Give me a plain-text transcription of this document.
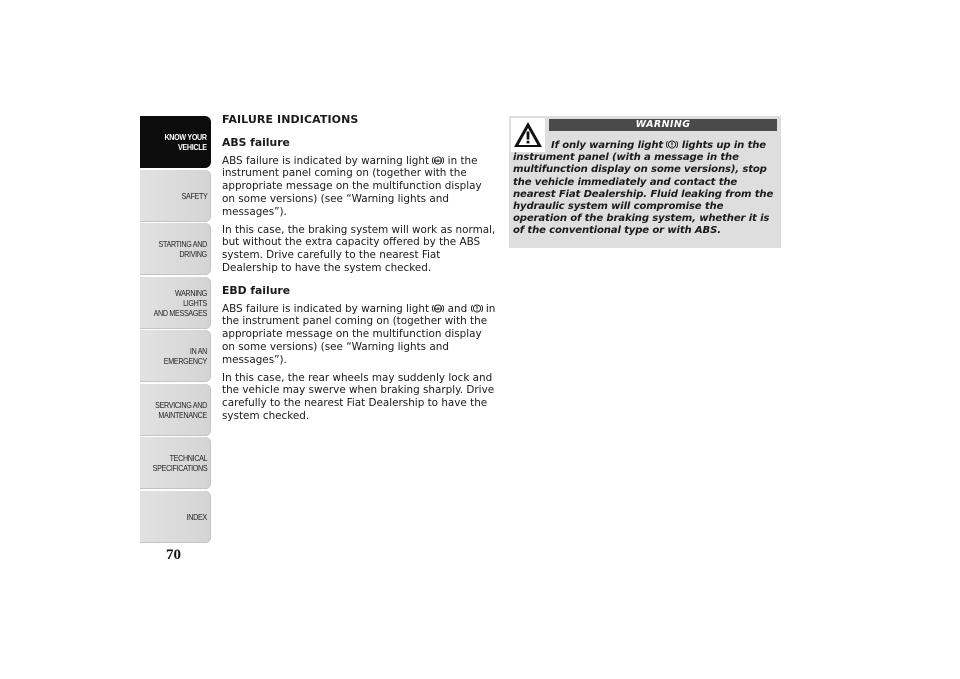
KNOW YOUR
VEHICLE
SAFETY
STARTING AND
DRIVING
WARNING LIGHTS
AND MESSAGES
IN AN EMERGENCY
SERVICING AND
MAINTENANCE
TECHNICAL
SPECIFICATIONS
INDEX
70
FAILURE INDICATIONS
ABS failure

ABS failure is indicated by warning light ABS in the instrument panel coming on (together with the appropriate message on the multifunction display on some versions) (see “Warning lights and messages”).

In this case, the braking system will work as normal, but without the extra capacity offered by the ABS system. Drive carefully to the nearest Fiat Dealership to have the system checked.

EBD failure

ABS failure is indicated by warning light ABS and  in the instrument panel coming on (together with the appropriate message on the multifunction display on some versions) (see “Warning lights and messages”).

In this case, the rear wheels may suddenly lock and the vehicle may swerve when braking sharply. Drive carefully to the nearest Fiat Dealership to have the system checked.

WARNING
If only warning light  lights up in the instrument panel (with a message in the multifunction display on some versions), stop the vehicle immediately and contact the nearest Fiat Dealership. Fluid leaking from the hydraulic system will compromise the operation of the braking system, whether it is of the conventional type or with ABS.
